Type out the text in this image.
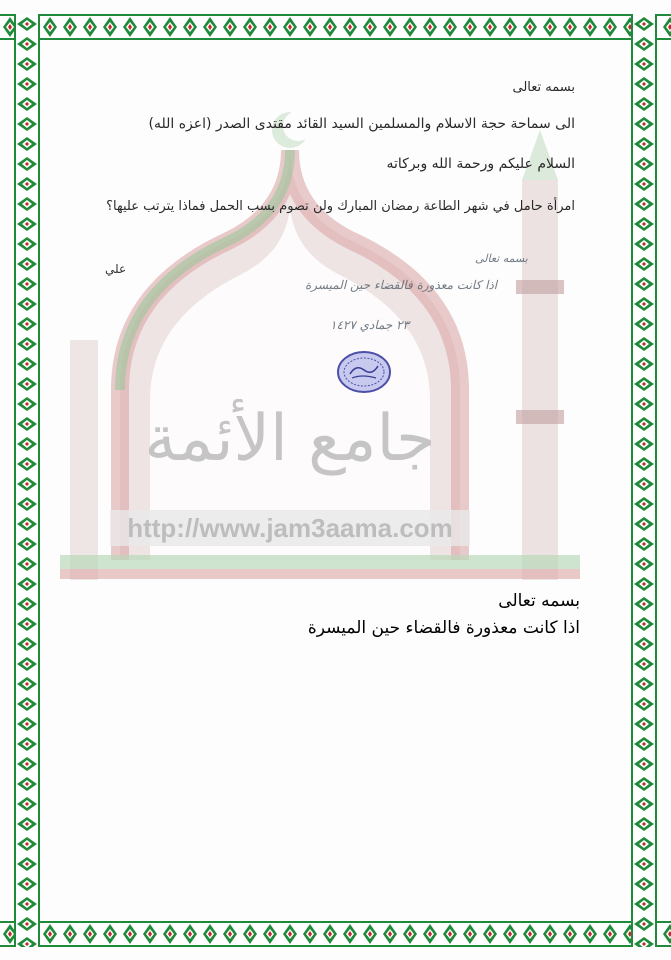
http://www.jam3aama.com
جامع الأئمة
بسمه تعالى
الى سماحة حجة الاسلام والمسلمين السيد القائد مقتدى الصدر (اعزه الله)
السلام عليكم ورحمة الله وبركاته
امرأة حامل في شهر الطاعة رمضان المبارك ولن تصوم بسب الحمل فماذا يترتب عليها؟
علي
بسمه تعالى
اذا كانت معذورة فالقضاء حين الميسرة
٢٣ جمادي ١٤٢٧
بسمه تعالى
اذا كانت معذورة فالقضاء حين الميسرة
